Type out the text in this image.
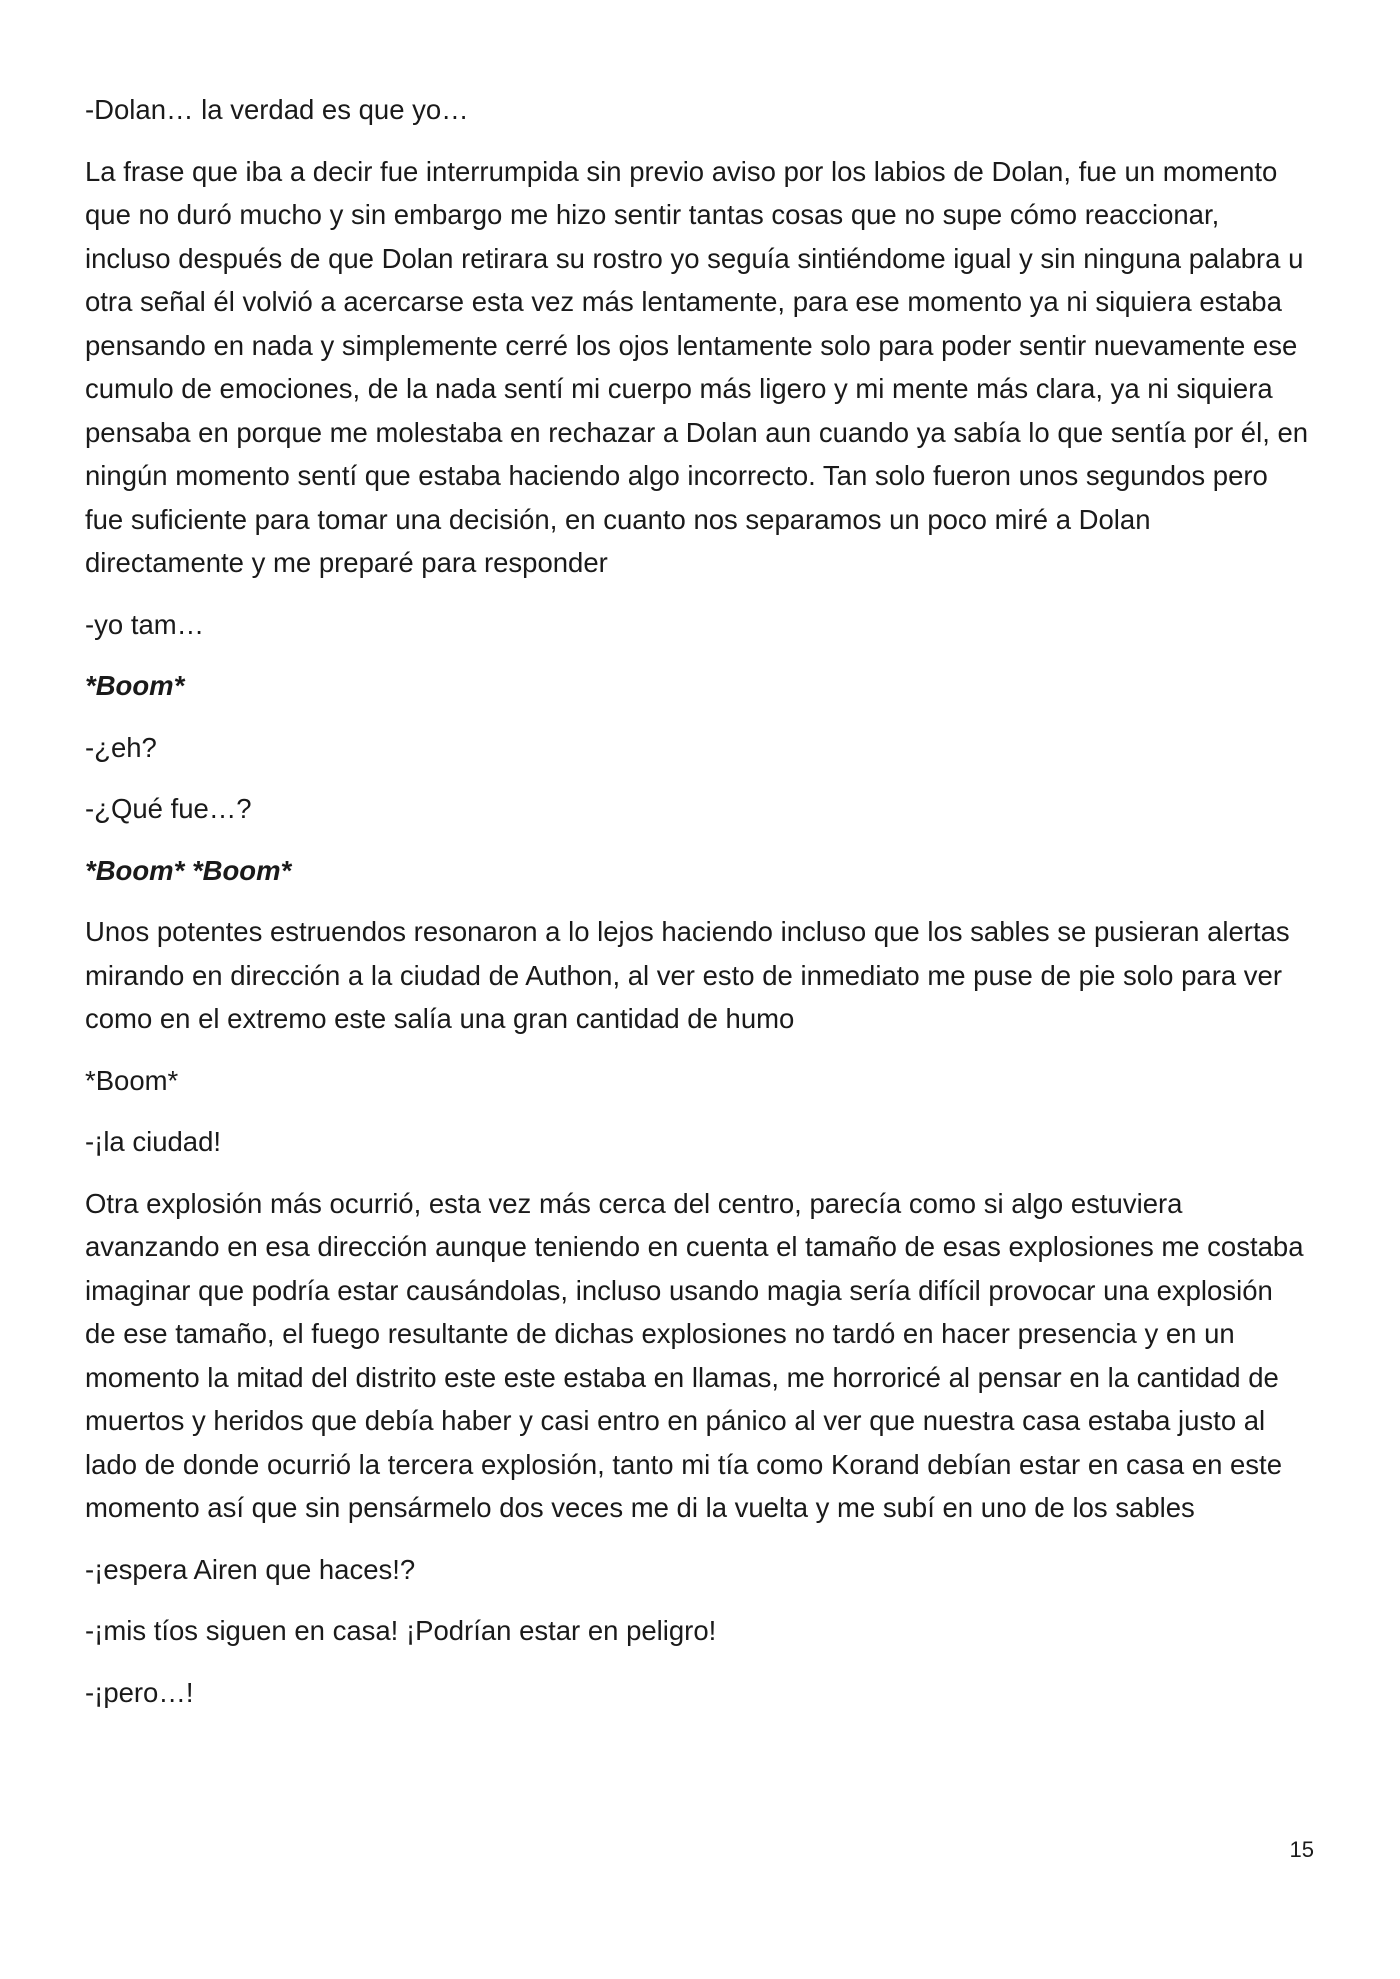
-Dolan… la verdad es que yo…

La frase que iba a decir fue interrumpida sin previo aviso por los labios de Dolan, fue un momento que no duró mucho y sin embargo me hizo sentir tantas cosas que no supe cómo reaccionar, incluso después de que Dolan retirara su rostro yo seguía sintiéndome igual y sin ninguna palabra u otra señal él volvió a acercarse esta vez más lentamente, para ese momento ya ni siquiera estaba pensando en nada y simplemente cerré los ojos lentamente solo para poder sentir nuevamente ese cumulo de emociones, de la nada sentí mi cuerpo más ligero y mi mente más clara, ya ni siquiera pensaba en porque me molestaba en rechazar a Dolan aun cuando ya sabía lo que sentía por él, en ningún momento sentí que estaba haciendo algo incorrecto. Tan solo fueron unos segundos pero fue suficiente para tomar una decisión, en cuanto nos separamos un poco miré a Dolan directamente y me preparé para responder

-yo tam…

*Boom*

-¿eh?

-¿Qué fue…?

*Boom* *Boom*

Unos potentes estruendos resonaron a lo lejos haciendo incluso que los sables se pusieran alertas mirando en dirección a la ciudad de Authon, al ver esto de inmediato me puse de pie solo para ver como en el extremo este salía una gran cantidad de humo

*Boom*

-¡la ciudad!

Otra explosión más ocurrió, esta vez más cerca del centro, parecía como si algo estuviera avanzando en esa dirección aunque teniendo en cuenta el tamaño de esas explosiones me costaba imaginar que podría estar causándolas, incluso usando magia sería difícil provocar una explosión de ese tamaño, el fuego resultante de dichas explosiones no tardó en hacer presencia y en un momento la mitad del distrito este este estaba en llamas, me horroricé al pensar en la cantidad de muertos y heridos que debía haber y casi entro en pánico al ver que nuestra casa estaba justo al lado de donde ocurrió la tercera explosión, tanto mi tía como Korand debían estar en casa en este momento así que sin pensármelo dos veces me di la vuelta y me subí en uno de los sables

-¡espera Airen que haces!?

-¡mis tíos siguen en casa! ¡Podrían estar en peligro!

-¡pero…!

15
